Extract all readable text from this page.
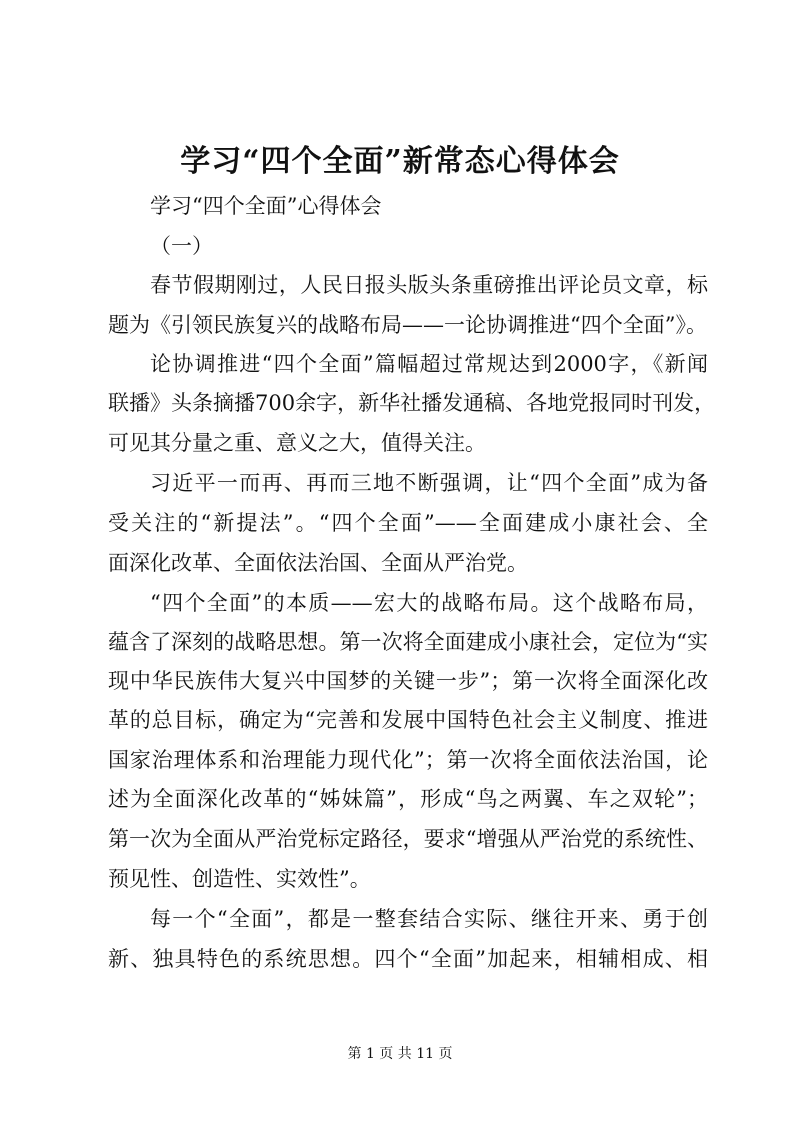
学习“四个全面”新常态心得体会
学习“四个全面”心得体会
（一）
春节假期刚过，人民日报头版头条重磅推出评论员文章，标
题为《引领民族复兴的战略布局——一论协调推进“四个全面”》。
论协调推进“四个全面”篇幅超过常规达到2000字，《新闻
联播》头条摘播700余字，新华社播发通稿、各地党报同时刊发，
可见其分量之重、意义之大，值得关注。
习近平一而再、再而三地不断强调，让“四个全面”成为备
受关注的“新提法”。“四个全面”——全面建成小康社会、全
面深化改革、全面依法治国、全面从严治党。
“四个全面”的本质——宏大的战略布局。这个战略布局，
蕴含了深刻的战略思想。第一次将全面建成小康社会，定位为“实
现中华民族伟大复兴中国梦的关键一步”；第一次将全面深化改
革的总目标，确定为“完善和发展中国特色社会主义制度、推进
国家治理体系和治理能力现代化”；第一次将全面依法治国，论
述为全面深化改革的“姊妹篇”，形成“鸟之两翼、车之双轮”；
第一次为全面从严治党标定路径，要求“增强从严治党的系统性、
预见性、创造性、实效性”。
每一个“全面”，都是一整套结合实际、继往开来、勇于创
新、独具特色的系统思想。四个“全面”加起来，相辅相成、相
第 1 页 共 11 页
